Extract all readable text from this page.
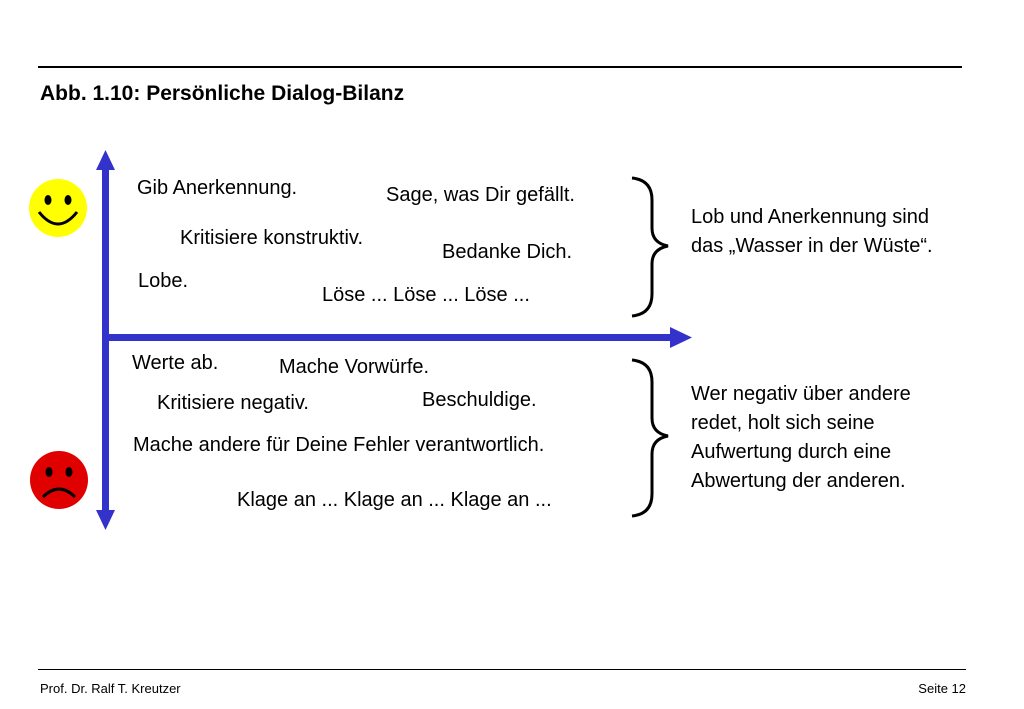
Abb. 1.10: Persönliche Dialog-Bilanz
Gib Anerkennung.	Sage, was Dir gefällt.
Kritisiere konstruktiv.
Bedanke Dich.
Lobe.
Löse ... Löse ... Löse ...
Werte ab.	Mache Vorwürfe.
Kritisiere negativ.	Beschuldige.
Mache andere für Deine Fehler verantwortlich.
Klage an ... Klage an ... Klage an ...
Lob und Anerkennung sind das „Wasser in der Wüste“.
Wer negativ über andere redet, holt sich seine Aufwertung durch eine Abwertung der anderen.
Prof. Dr. Ralf T. Kreutzer	Seite 12
